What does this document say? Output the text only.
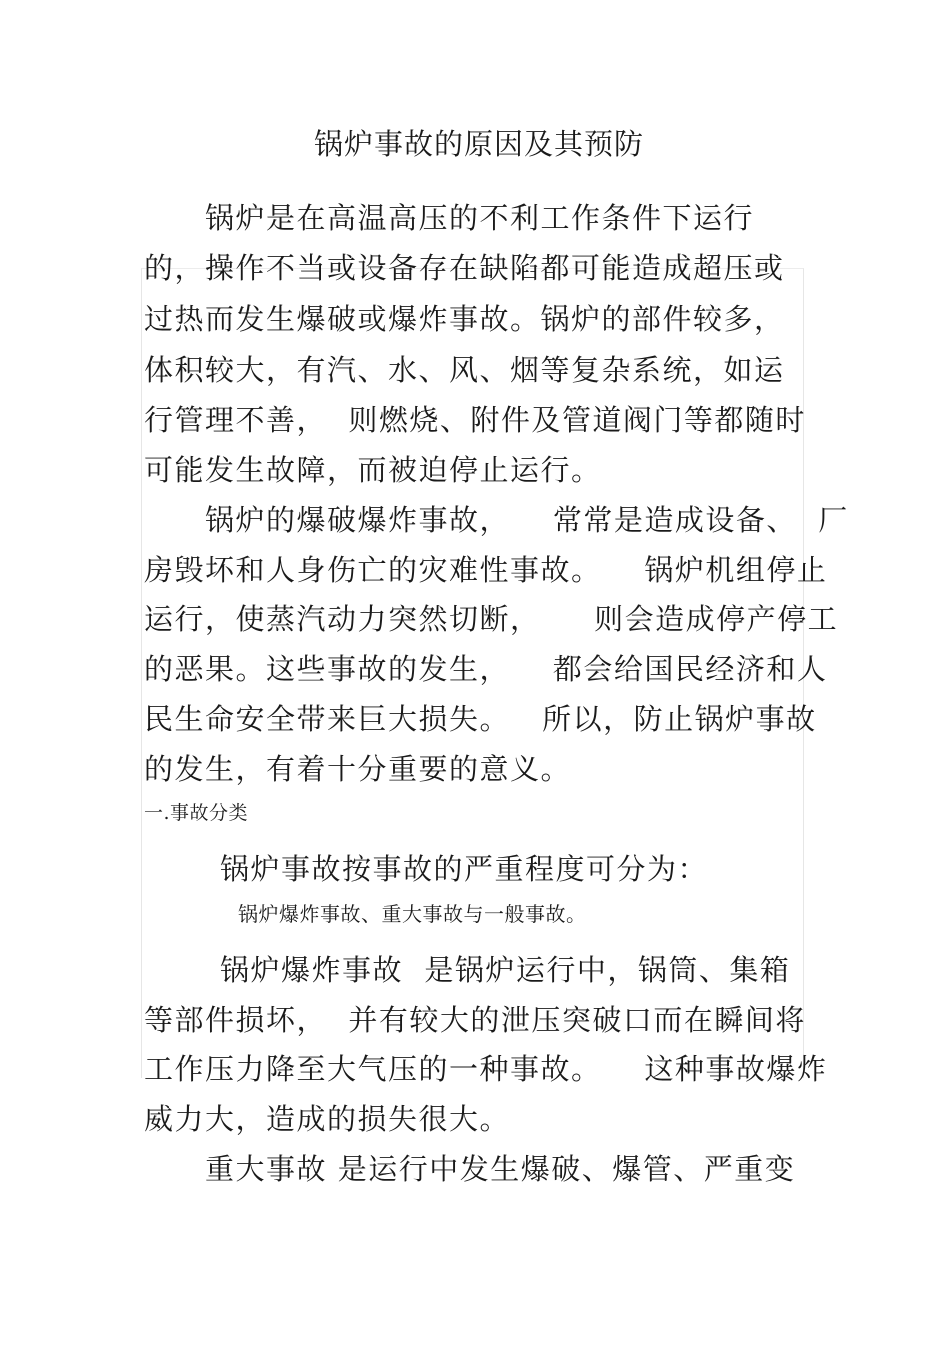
锅炉事故的原因及其预防
锅炉是在高温高压的不利工作条件下运行
的，操作不当或设备存在缺陷都可能造成超压或
过热而发生爆破或爆炸事故。锅炉的部件较多，
体积较大，有汽、水、风、烟等复杂系统，如运
行管理不善，  则燃烧、附件及管道阀门等都随时
可能发生故障，而被迫停止运行。
锅炉的爆破爆炸事故，    常常是造成设备、  厂
房毁坏和人身伤亡的灾难性事故。    锅炉机组停止
运行，使蒸汽动力突然切断，     则会造成停产停工
的恶果。这些事故的发生，    都会给国民经济和人
民生命安全带来巨大损失。   所以，防止锅炉事故
的发生，有着十分重要的意义。
一.事故分类
锅炉事故按事故的严重程度可分为：
锅炉爆炸事故、重大事故与一般事故。
锅炉爆炸事故  是锅炉运行中，锅筒、集箱
等部件损坏，  并有较大的泄压突破口而在瞬间将
工作压力降至大气压的一种事故。    这种事故爆炸
威力大，造成的损失很大。
重大事故 是运行中发生爆破、爆管、严重变
